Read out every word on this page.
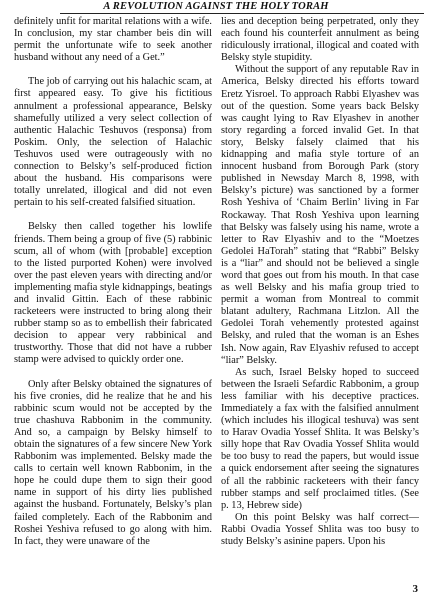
A REVOLUTION AGAINST THE HOLY TORAH

definitely unfit for marital relations with a wife. In conclusion, my star chamber beis din will permit the unfortunate wife to seek another husband without any need of a Get.”

The job of carrying out his halachic scam, at first appeared easy. To give his fictitious annulment a professional appearance, Belsky shamefully utilized a very select collection of authentic Halachic Teshuvos (responsa) from Poskim. Only, the selection of Halachic Teshuvos used were outrageously with no connection to Belsky’s self-produced fiction about the husband. His comparisons were totally unrelated, illogical and did not even pertain to his self-created falsified situation.

Belsky then called together his lowlife friends. Them being a group of five (5) rabbinic scum, all of whom (with [probable] exception to the listed purported Kohen) were involved over the past eleven years with directing and/or implementing mafia style kidnappings, beatings and invalid Gittin. Each of these rabbinic racketeers were instructed to bring along their rubber stamp so as to embellish their fabricated decision to appear very rabbinical and trustworthy. Those that did not have a rubber stamp were advised to quickly order one.

Only after Belsky obtained the signatures of his five cronies, did he realize that he and his rabbinic scum would not be accepted by the true chashuva Rabbonim in the community. And so, a campaign by Belsky himself to obtain the signatures of a few sincere New York Rabbonim was implemented. Belsky made the calls to certain well known Rabbonim, in the hope he could dupe them to sign their good name in support of his dirty lies published against the husband. Fortunately, Belsky’s plan failed completely. Each of the Rabbonim and Roshei Yeshiva refused to go along with him. In fact, they were unaware of the

lies and deception being perpetrated, only they each found his counterfeit annulment as being ridiculously irrational, illogical and coated with Belsky style stupidity.

Without the support of any reputable Rav in America, Belsky directed his efforts toward Eretz Yisroel. To approach Rabbi Elyashev was out of the question. Some years back Belsky was caught lying to Rav Elyashev in another story regarding a forced invalid Get. In that story, Belsky falsely claimed that his kidnapping and mafia style torture of an innocent husband from Borough Park (story published in Newsday March 8, 1998, with Belsky’s picture) was sanctioned by a former Rosh Yeshiva of ‘Chaim Berlin’ living in Far Rockaway. That Rosh Yeshiva upon learning that Belsky was falsely using his name, wrote a letter to Rav Elyashiv and to the “Moetzes Gedolei HaTorah” stating that “Rabbi” Belsky is a “liar” and should not be believed a single word that goes out from his mouth. In that case as well Belsky and his mafia group tried to permit a woman from Montreal to commit blatant adultery, Rachmana Litzlon. All the Gedolei Torah vehemently protested against Belsky, and ruled that the woman is an Eshes Ish. Now again, Rav Elyashiv refused to accept “liar” Belsky.

As such, Israel Belsky hoped to succeed between the Israeli Sefardic Rabbonim, a group less familiar with his deceptive practices. Immediately a fax with the falsified annulment (which includes his illogical teshuva) was sent to Harav Ovadia Yossef Shlita. It was Belsky’s silly hope that Rav Ovadia Yossef Shlita would be too busy to read the papers, but would issue a quick endorsement after seeing the signatures of all the rabbinic racketeers with their fancy rubber stamps and self proclaimed titles. (See p. 13, Hebrew side)

On this point Belsky was half correct—Rabbi Ovadia Yossef Shlita was too busy to study Belsky’s asinine papers. Upon his

3
